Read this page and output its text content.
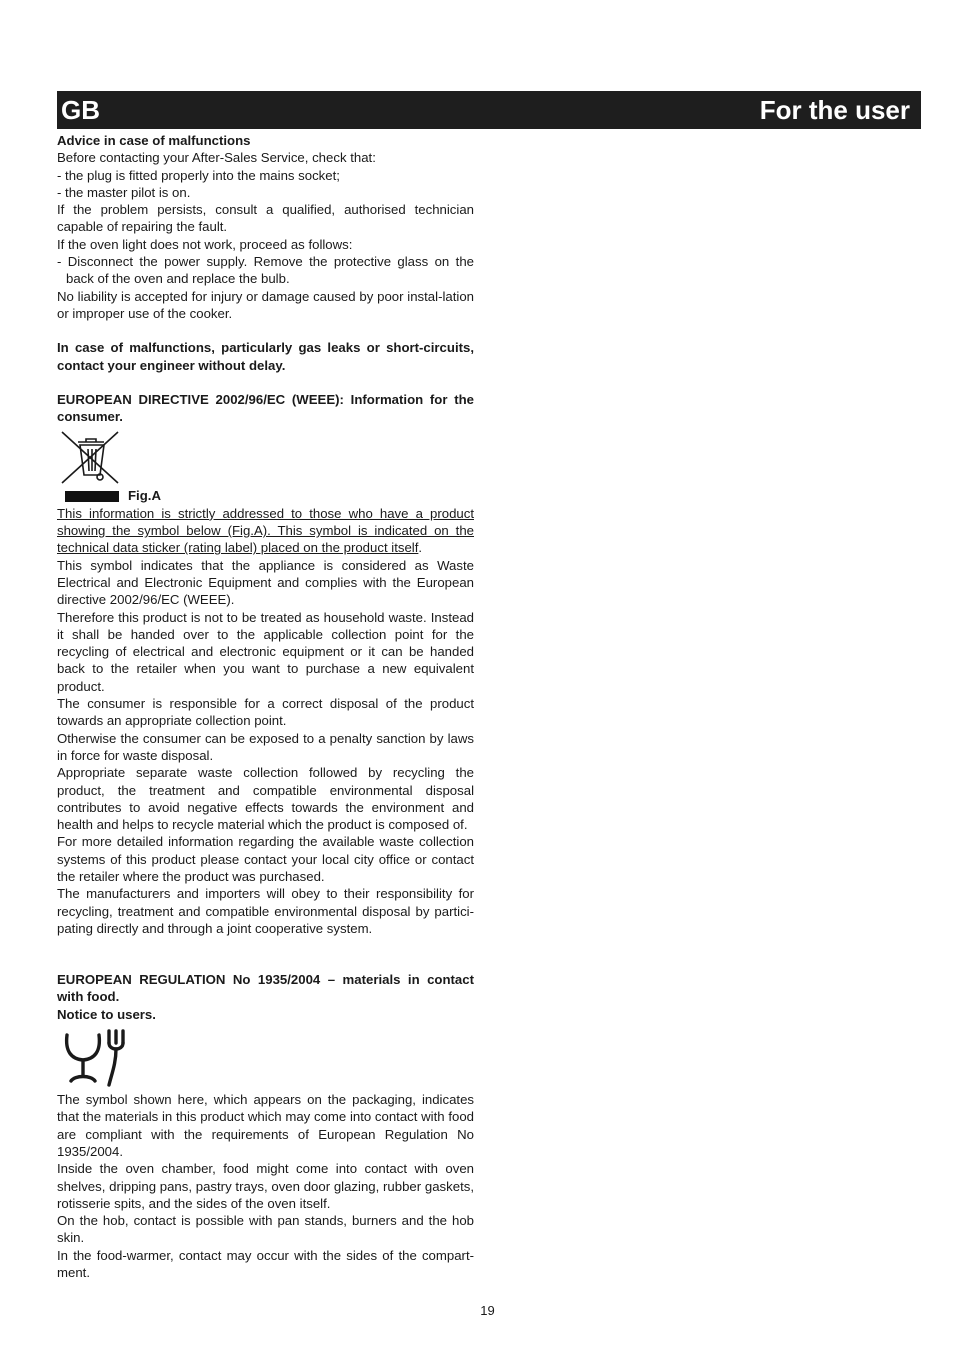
GB	For the user

Advice in case of malfunctions

Before contacting your After-Sales Service, check that:

- the plug is fitted properly into the mains socket;

- the master pilot is on.

If the problem persists, consult a qualified, authorised technician capable of repairing the fault.

If the oven light does not work, proceed as follows:

- Disconnect the power supply. Remove the protective glass on the back of the oven and replace the bulb.

No liability is accepted for injury or damage caused by poor instal-lation or improper use of the cooker.

In case of malfunctions, particularly gas leaks or short-circuits, contact your engineer without delay.

EUROPEAN DIRECTIVE 2002/96/EC (WEEE): Information for the consumer.

Fig.A

This information is strictly addressed to those who have a product showing the symbol below (Fig.A). This symbol is indicated on the technical data sticker (rating label) placed on the product itself.

This symbol indicates that the appliance is considered as Waste Electrical and Electronic Equipment and complies with the European directive 2002/96/EC (WEEE).

Therefore this product is not to be treated as household waste. Instead it shall be handed over to the applicable collection point for the recycling of electrical and electronic equipment or it can be handed back to the retailer when you want to purchase a new equivalent product.

The consumer is responsible for a correct disposal of the product towards an appropriate collection point.

Otherwise the consumer can be exposed to a penalty sanction by laws in force for waste disposal.

Appropriate separate waste collection followed by recycling the product, the treatment and compatible environmental disposal contributes to avoid negative effects towards the environment and health and helps to recycle material which the product is composed of.

For more detailed information regarding the available waste collection systems of this product please contact your local city office or contact the retailer where the product was purchased.

The manufacturers and importers will obey to their responsibility for recycling, treatment and compatible environmental disposal by partici-pating directly and through a joint cooperative system.

EUROPEAN REGULATION No 1935/2004 – materials in contact with food.

Notice to users.

The symbol shown here, which appears on the packaging, indicates that the materials in this product which may come into contact with food are compliant with the requirements of European Regulation No 1935/2004.

Inside the oven chamber, food might come into contact with oven shelves, dripping pans, pastry trays, oven door glazing, rubber gaskets, rotisserie spits, and the sides of the oven itself.

On the hob, contact is possible with pan stands, burners and the hob skin.

In the food-warmer, contact may occur with the sides of the compart-ment.

19
